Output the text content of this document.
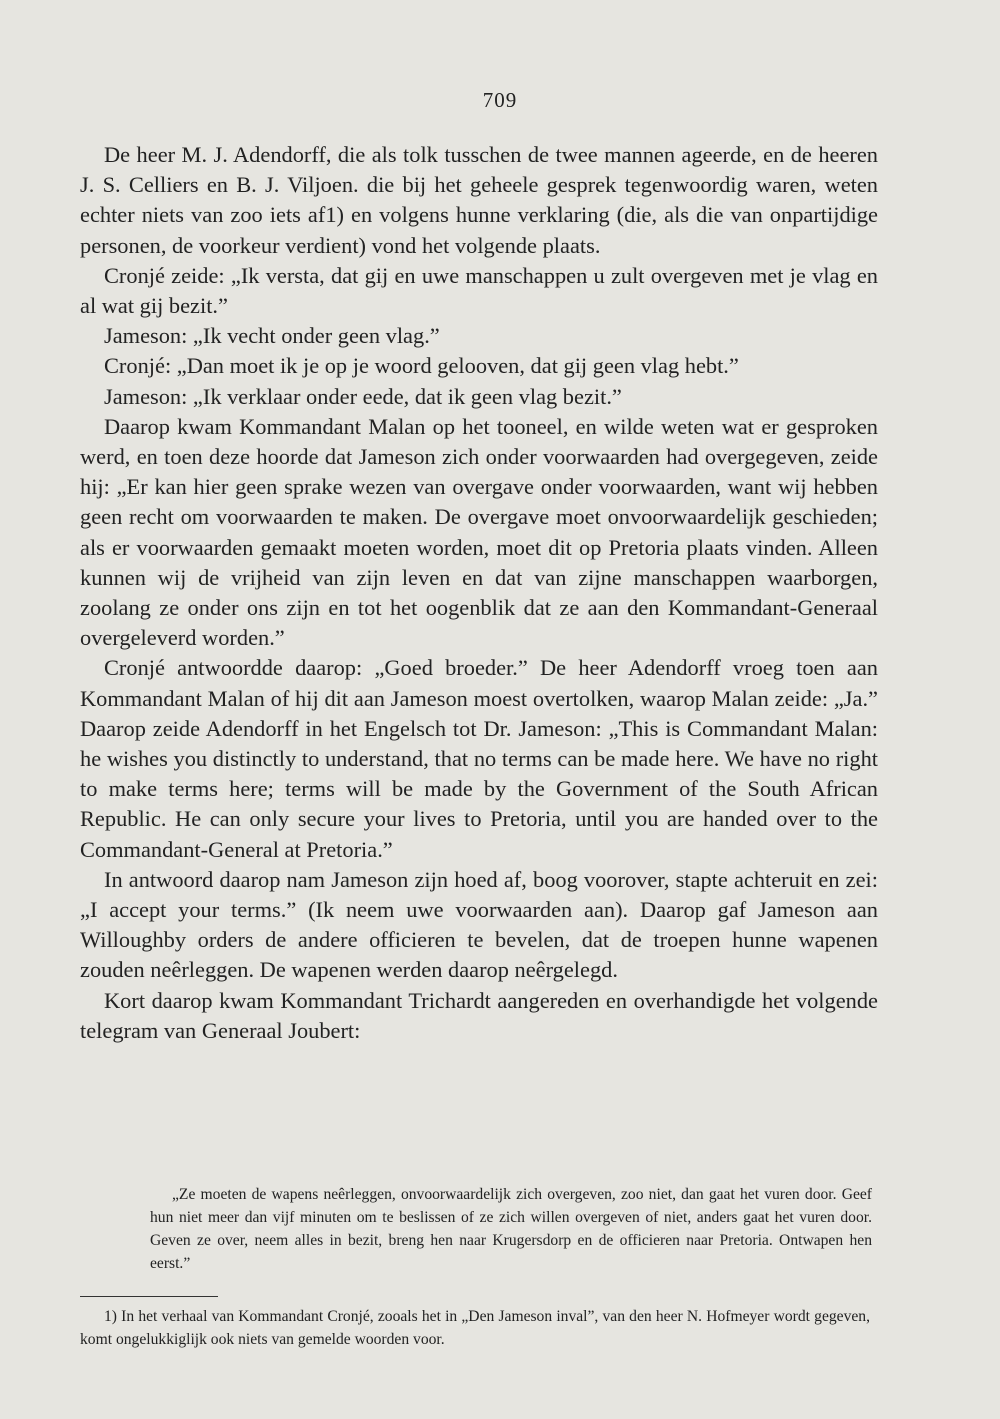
709

De heer M. J. Adendorff, die als tolk tusschen de twee mannen ageerde, en de heeren J. S. Celliers en B. J. Viljoen. die bij het geheele gesprek tegenwoordig waren, weten echter niets van zoo iets af1) en volgens hunne verklaring (die, als die van onpartijdige personen, de voorkeur verdient) vond het volgende plaats.

Cronjé zeide: „Ik versta, dat gij en uwe manschappen u zult overgeven met je vlag en al wat gij bezit.”

Jameson: „Ik vecht onder geen vlag.”

Cronjé: „Dan moet ik je op je woord gelooven, dat gij geen vlag hebt.”

Jameson: „Ik verklaar onder eede, dat ik geen vlag bezit.”

Daarop kwam Kommandant Malan op het tooneel, en wilde weten wat er gesproken werd, en toen deze hoorde dat Jameson zich onder voorwaarden had overgegeven, zeide hij: „Er kan hier geen sprake wezen van overgave onder voorwaarden, want wij hebben geen recht om voorwaarden te maken. De overgave moet onvoorwaardelijk geschieden; als er voorwaarden gemaakt moeten worden, moet dit op Pretoria plaats vinden. Alleen kunnen wij de vrijheid van zijn leven en dat van zijne manschappen waarborgen, zoolang ze onder ons zijn en tot het oogenblik dat ze aan den Kommandant-Generaal overgeleverd worden.”

Cronjé antwoordde daarop: „Goed broeder.” De heer Adendorff vroeg toen aan Kommandant Malan of hij dit aan Jameson moest overtolken, waarop Malan zeide: „Ja.” Daarop zeide Adendorff in het Engelsch tot Dr. Jameson: „This is Commandant Malan: he wishes you distinctly to understand, that no terms can be made here. We have no right to make terms here; terms will be made by the Government of the South African Republic. He can only secure your lives to Pretoria, until you are handed over to the Commandant-General at Pretoria.”

In antwoord daarop nam Jameson zijn hoed af, boog voorover, stapte achteruit en zei: „I accept your terms.” (Ik neem uwe voorwaarden aan). Daarop gaf Jameson aan Willoughby orders de andere officieren te bevelen, dat de troepen hunne wapenen zouden neêrleggen. De wapenen werden daarop neêrgelegd.

Kort daarop kwam Kommandant Trichardt aangereden en overhandigde het volgende telegram van Generaal Joubert:

„Ze moeten de wapens neêrleggen, onvoorwaardelijk zich overgeven, zoo niet, dan gaat het vuren door. Geef hun niet meer dan vijf minuten om te beslissen of ze zich willen overgeven of niet, anders gaat het vuren door. Geven ze over, neem alles in bezit, breng hen naar Krugersdorp en de officieren naar Pretoria. Ontwapen hen eerst.”

1) In het verhaal van Kommandant Cronjé, zooals het in „Den Jameson inval”, van den heer N. Hofmeyer wordt gegeven, komt ongelukkiglijk ook niets van gemelde woorden voor.
